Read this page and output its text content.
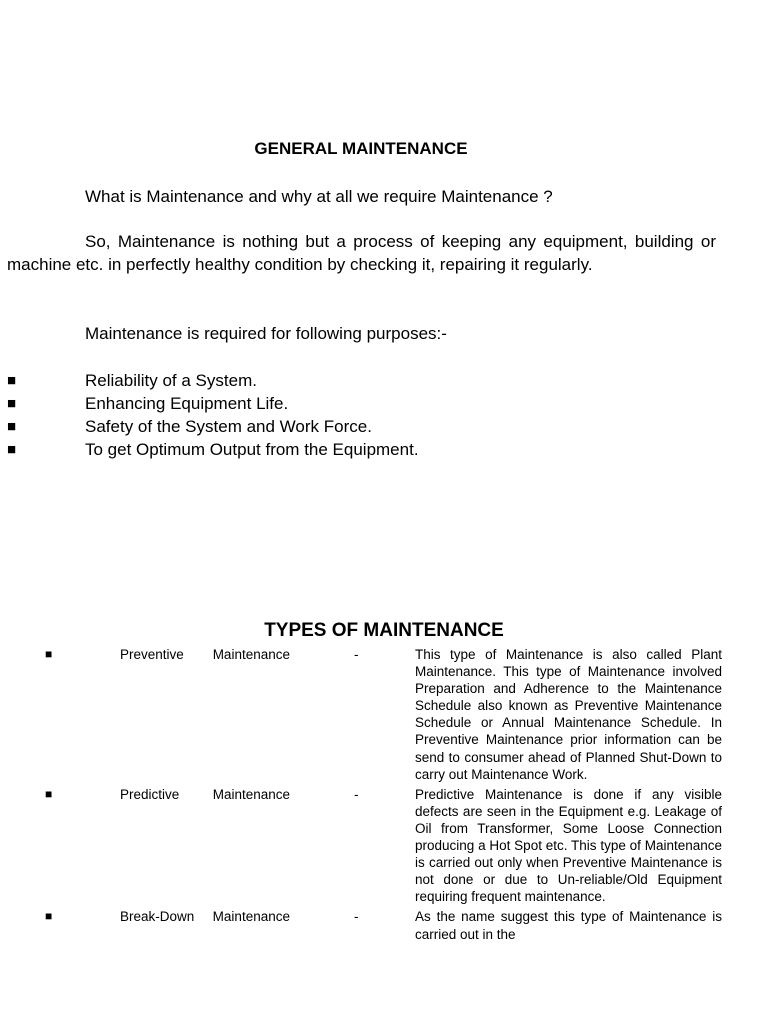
GENERAL MAINTENANCE
What is Maintenance and why at all we require Maintenance ?
So, Maintenance is nothing but a process of keeping any equipment, building or machine etc. in perfectly healthy condition by checking it, repairing it regularly.
Maintenance is required for following purposes:-
■	Reliability of a System.
■	Enhancing Equipment Life.
■	Safety of the System and Work Force.
■	To get Optimum Output from the Equipment.
TYPES OF MAINTENANCE
■	Preventive Maintenance	-	This type of Maintenance is also called Plant Maintenance. This type of Maintenance involved Preparation and Adherence to the Maintenance Schedule also known as Preventive Maintenance Schedule or Annual Maintenance Schedule. In Preventive Maintenance prior information can be send to consumer ahead of Planned Shut-Down to carry out Maintenance Work.
■	Predictive Maintenance	-	Predictive Maintenance is done if any visible defects are seen in the Equipment e.g. Leakage of Oil from Transformer, Some Loose Connection producing a Hot Spot etc. This type of Maintenance is carried out only when Preventive Maintenance is not done or due to Un-reliable/Old Equipment requiring frequent maintenance.
■	Break-Down Maintenance	-	As the name suggest this type of Maintenance is carried out in the
